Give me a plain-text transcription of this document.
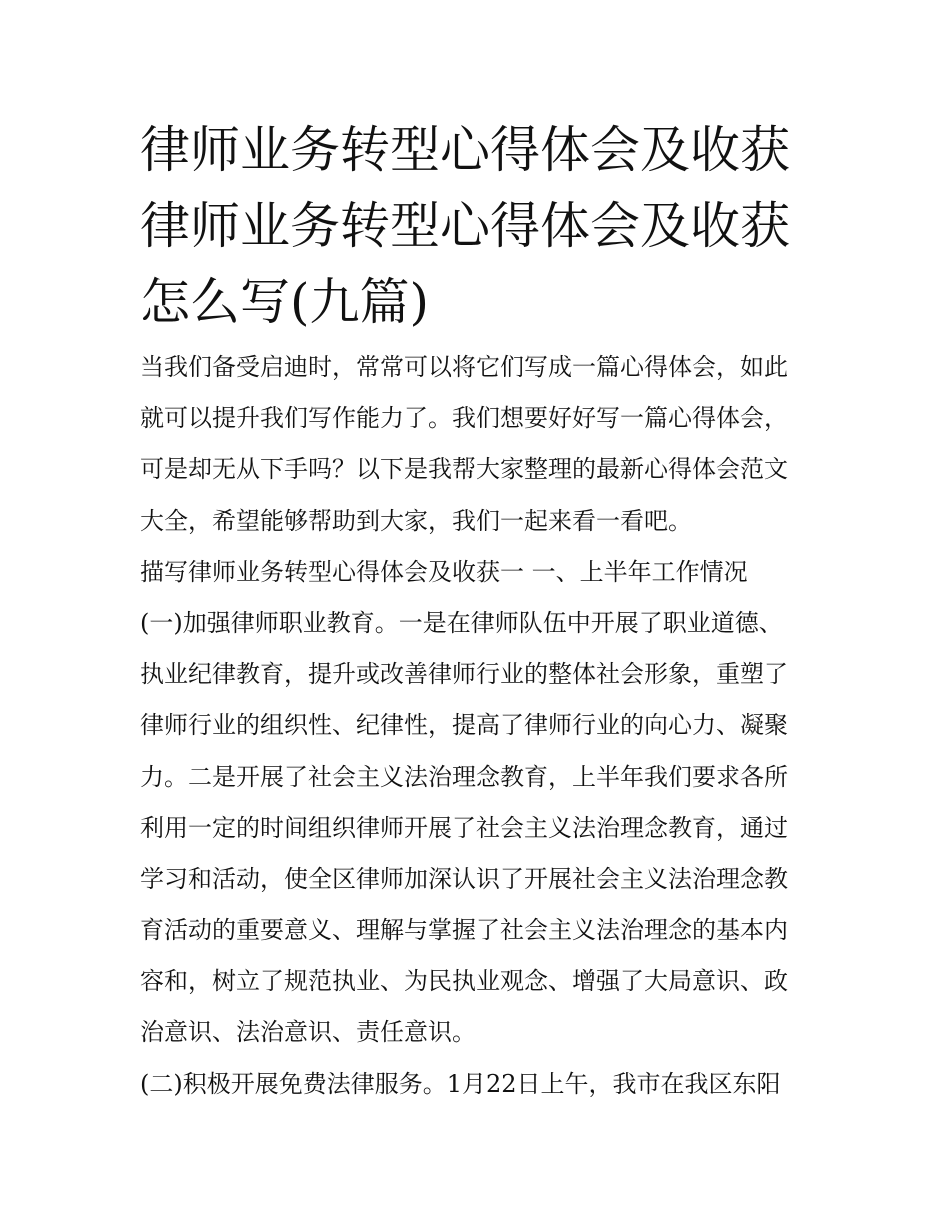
律师业务转型心得体会及收获律师业务转型心得体会及收获怎么写(九篇)
当我们备受启迪时，常常可以将它们写成一篇心得体会，如此
就可以提升我们写作能力了。我们想要好好写一篇心得体会，
可是却无从下手吗？以下是我帮大家整理的最新心得体会范文
大全，希望能够帮助到大家，我们一起来看一看吧。
描写律师业务转型心得体会及收获一 一、上半年工作情况
(一)加强律师职业教育。一是在律师队伍中开展了职业道德、
执业纪律教育，提升或改善律师行业的整体社会形象，重塑了
律师行业的组织性、纪律性，提高了律师行业的向心力、凝聚
力。二是开展了社会主义法治理念教育，上半年我们要求各所
利用一定的时间组织律师开展了社会主义法治理念教育，通过
学习和活动，使全区律师加深认识了开展社会主义法治理念教
育活动的重要意义、理解与掌握了社会主义法治理念的基本内
容和，树立了规范执业、为民执业观念、增强了大局意识、政
治意识、法治意识、责任意识。
(二)积极开展免费法律服务。1月22日上午，我市在我区东阳
